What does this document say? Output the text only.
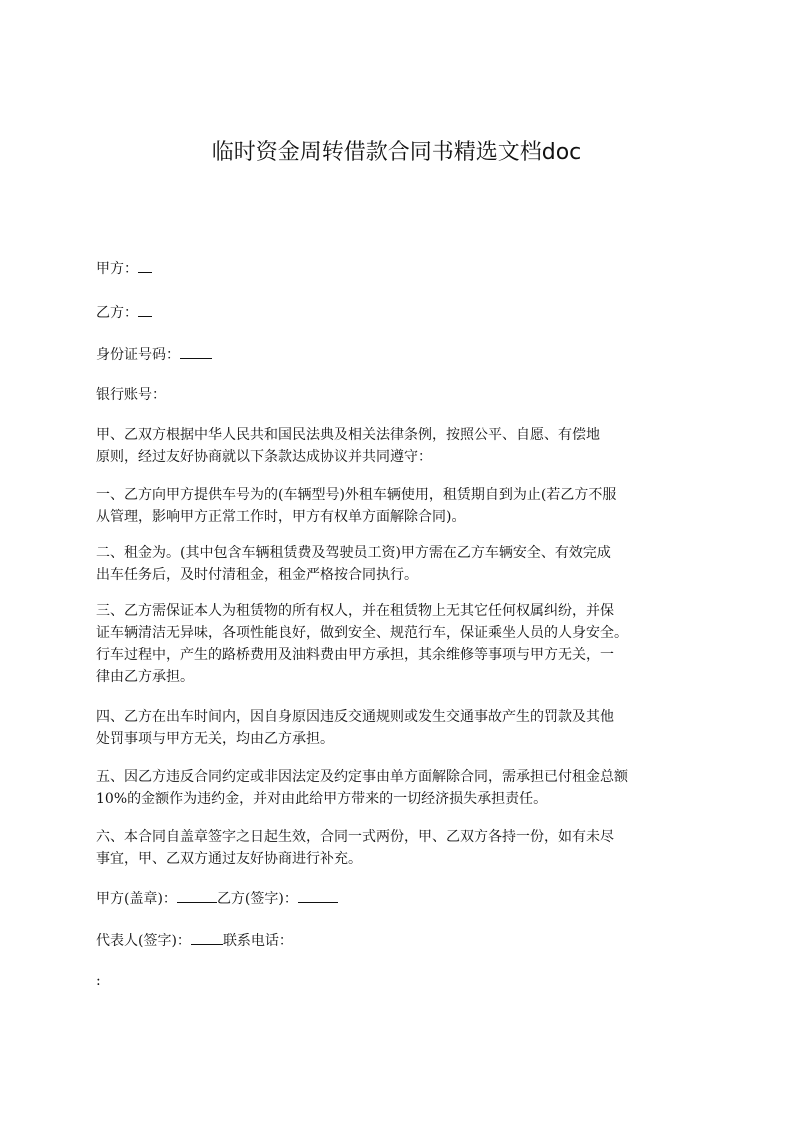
临时资金周转借款合同书精选文档doc

甲方：

乙方：

身份证号码：

银行账号：

甲、乙双方根据中华人民共和国民法典及相关法律条例，按照公平、自愿、有偿地
原则，经过友好协商就以下条款达成协议并共同遵守：
一、乙方向甲方提供车号为的(车辆型号)外租车辆使用，租赁期自到为止(若乙方不服
从管理，影响甲方正常工作时，甲方有权单方面解除合同)。
二、租金为。(其中包含车辆租赁费及驾驶员工资)甲方需在乙方车辆安全、有效完成
出车任务后，及时付清租金，租金严格按合同执行。
三、乙方需保证本人为租赁物的所有权人，并在租赁物上无其它任何权属纠纷，并保
证车辆清洁无异味，各项性能良好，做到安全、规范行车，保证乘坐人员的人身安全。
行车过程中，产生的路桥费用及油料费由甲方承担，其余维修等事项与甲方无关，一
律由乙方承担。
四、乙方在出车时间内，因自身原因违反交通规则或发生交通事故产生的罚款及其他
处罚事项与甲方无关，均由乙方承担。
五、因乙方违反合同约定或非因法定及约定事由单方面解除合同，需承担已付租金总额
10%的金额作为违约金，并对由此给甲方带来的一切经济损失承担责任。
六、本合同自盖章签字之日起生效，合同一式两份，甲、乙双方各持一份，如有未尽
事宜，甲、乙双方通过友好协商进行补充。

甲方(盖章)：	乙方(签字)：

代表人(签字)： 联系电话：

:
